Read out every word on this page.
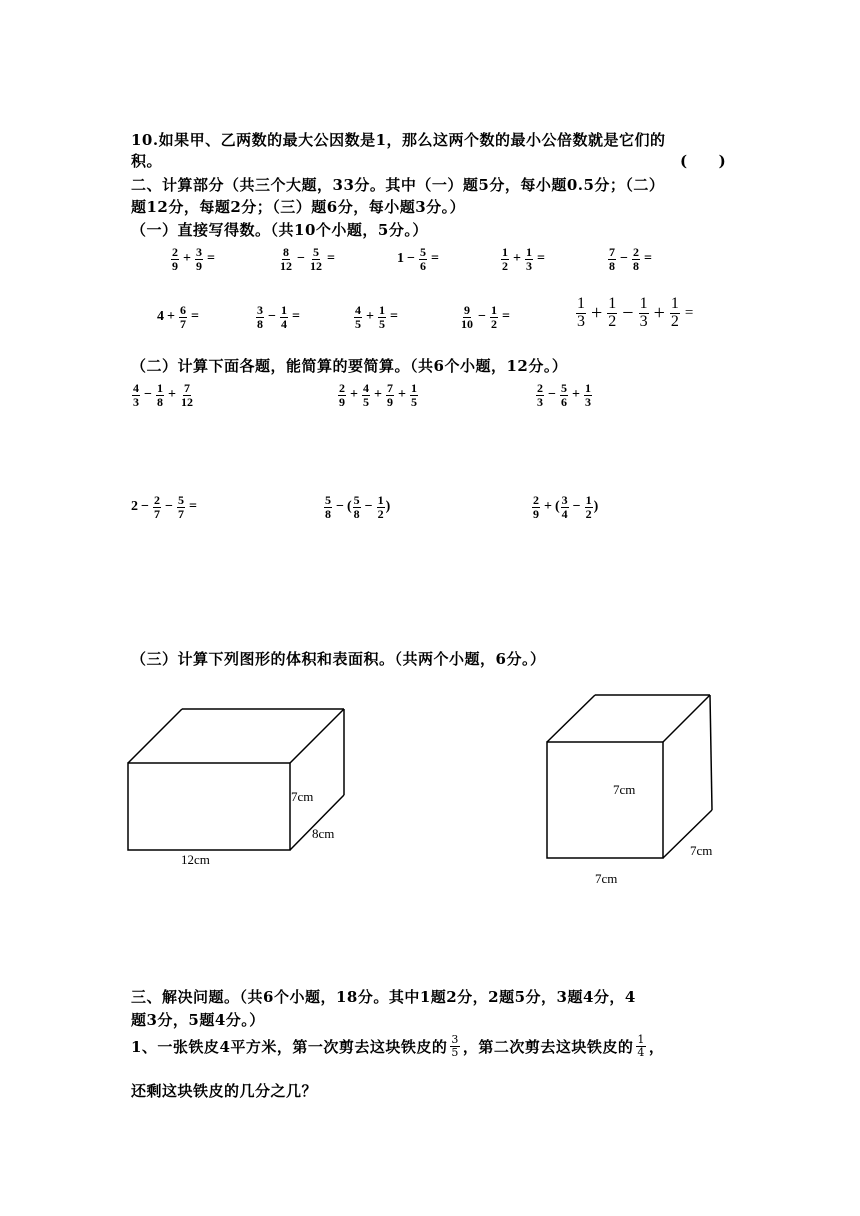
10.如果甲、乙两数的最大公因数是1，那么这两个数的最小公倍数就是它们的
积。	(　　)
二、计算部分（共三个大题，33分。其中（一）题5分，每小题0.5分；（二）
题12分，每题2分；（三）题6分，每小题3分。）
（一）直接写得数。（共10个小题，5分。）
$\frac{2}{9} + \frac{3}{9}$ =	$\frac{8}{12} - \frac{5}{12}$ =	$1 - \frac{5}{6}$ =	$\frac{1}{2} + \frac{1}{3}$ =	$\frac{7}{8} - \frac{2}{8}$ =
$4 + \frac{6}{7}$ =	$\frac{3}{8} - \frac{1}{4}$ =	$\frac{4}{5} + \frac{1}{5}$ =	$\frac{9}{10} - \frac{1}{2}$ =	$\frac{1}{3} + \frac{1}{2} - \frac{1}{3} + \frac{1}{2}$ =
（二）计算下面各题，能简算的要简算。（共6个小题，12分。）
$\frac{4}{3} - \frac{1}{8} + \frac{7}{12}$	$\frac{2}{9} + \frac{4}{5} + \frac{7}{9} + \frac{1}{5}$	$\frac{2}{3} - \frac{5}{6} + \frac{1}{3}$
$2 - \frac{2}{7} - \frac{5}{7}$ =	$\frac{5}{8}$ − ( $\frac{5}{8} - \frac{1}{2}$ )	$\frac{2}{9}$ + ( $\frac{3}{4} - \frac{1}{2}$ )
（三）计算下列图形的体积和表面积。（共两个小题，6分。）
7cm
8cm
12cm
7cm
7cm
7cm
三、解决问题。（共6个小题，18分。其中1题2分，2题5分，3题4分，4
题3分，5题4分。）
1、一张铁皮4平方米，第一次剪去这块铁皮的 $\frac{3}{5}$ ，第二次剪去这块铁皮的 $\frac{1}{4}$ ，
还剩这块铁皮的几分之几？
